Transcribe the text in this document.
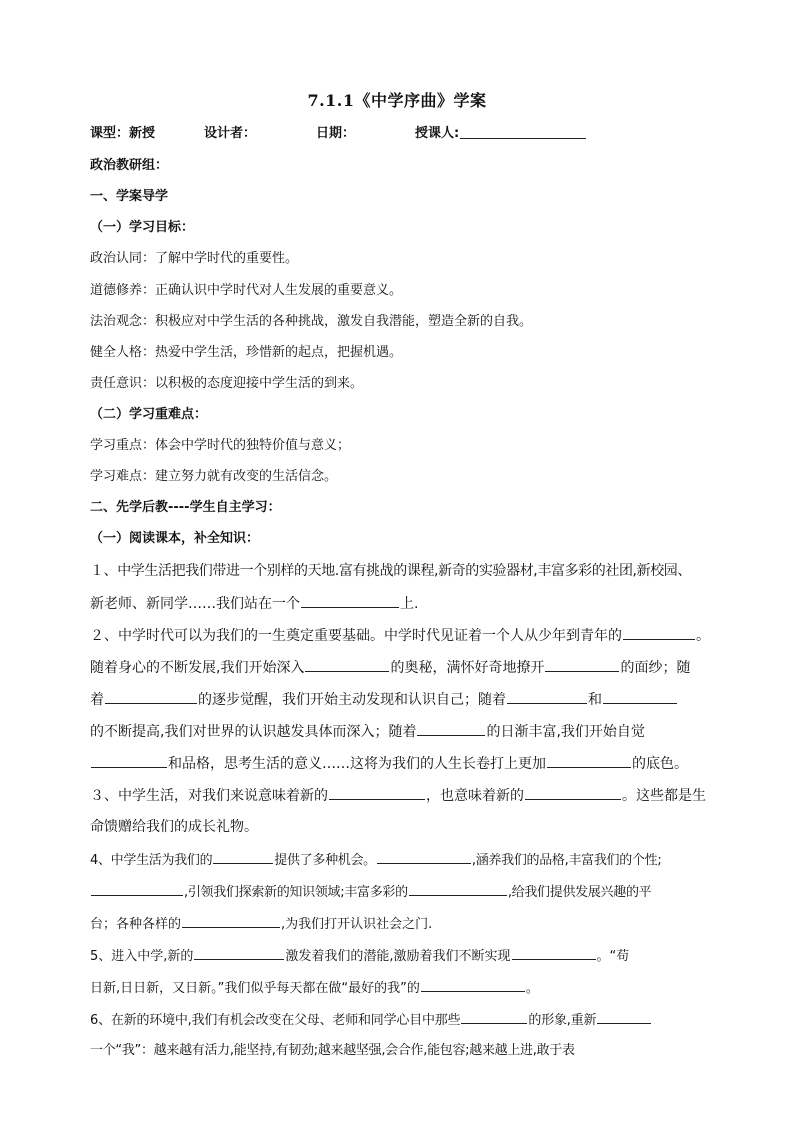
7.1.1《中学序曲》学案
课型：新授	设计者：	日期：	授课人:
政治教研组：
一、学案导学
（一）学习目标：
政治认同：了解中学时代的重要性。
道德修养：正确认识中学时代对人生发展的重要意义。
法治观念：积极应对中学生活的各种挑战，激发自我潜能，塑造全新的自我。
健全人格：热爱中学生活，珍惜新的起点，把握机遇。
责任意识：以积极的态度迎接中学生活的到来。
（二）学习重难点：
学习重点：体会中学时代的独特价值与意义；
学习难点：建立努力就有改变的生活信念。
二、先学后教----学生自主学习：
（一）阅读课本，补全知识：
１、中学生活把我们带进一个别样的天地.富有挑战的课程,新奇的实验器材,丰富多彩的社团,新校园、
新老师、新同学……我们站在一个	上.
２、中学时代可以为我们的一生奠定重要基础。中学时代见证着一个人从少年到青年的	。
随着身心的不断发展,我们开始深入	的奥秘，满怀好奇地撩开	的面纱；随
着	的逐步觉醒，我们开始主动发现和认识自己；随着	和
的不断提高,我们对世界的认识越发具体而深入；随着	的日渐丰富,我们开始自觉
和品格，思考生活的意义……这将为我们的人生长卷打上更加	的底色。
３、中学生活，对我们来说意味着新的	，也意味着新的	。这些都是生
命馈赠给我们的成长礼物。
4、中学生活为我们的	提供了多种机会。	,涵养我们的品格,丰富我们的个性;
,引领我们探索新的知识领域;丰富多彩的	,给我们提供发展兴趣的平
台；各种各样的	,为我们打开认识社会之门.
5、进入中学,新的	激发着我们的潜能,激励着我们不断实现	。“苟
日新,日日新，又日新。”我们似乎每天都在做“最好的我”的	。
6、在新的环境中,我们有机会改变在父母、老师和同学心目中那些	的形象,重新
一个“我”：越来越有活力,能坚持,有韧劲;越来越坚强,会合作,能包容;越来越上进,敢于表
